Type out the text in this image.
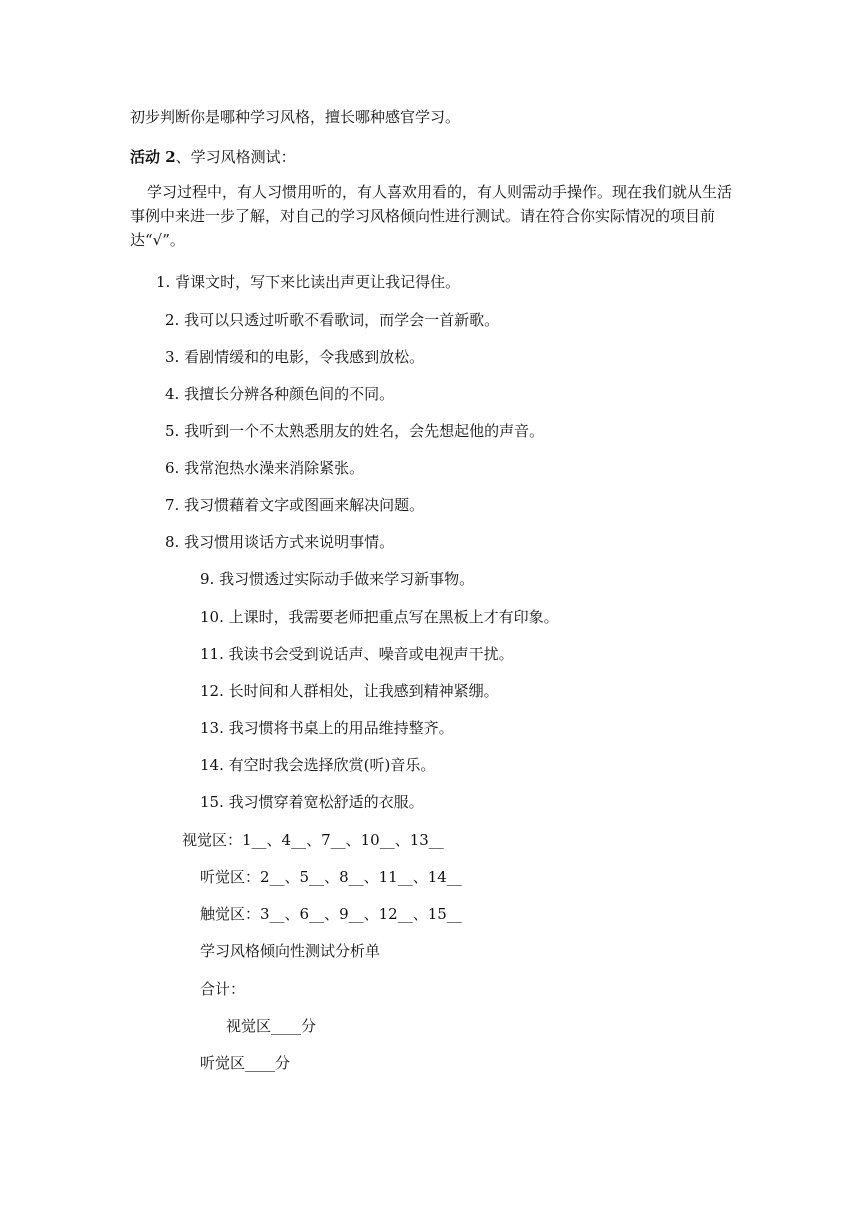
初步判断你是哪种学习风格，擅长哪种感官学习。
活动 2、学习风格测试：
学习过程中，有人习惯用听的，有人喜欢用看的，有人则需动手操作。现在我们就从生活事例中来进一步了解，对自己的学习风格倾向性进行测试。请在符合你实际情况的项目前达“√”。
1. 背课文时，写下来比读出声更让我记得住。
2. 我可以只透过听歌不看歌词，而学会一首新歌。
3. 看剧情缓和的电影，令我感到放松。
4. 我擅长分辨各种颜色间的不同。
5. 我听到一个不太熟悉朋友的姓名，会先想起他的声音。
6. 我常泡热水澡来消除紧张。
7. 我习惯藉着文字或图画来解决问题。
8. 我习惯用谈话方式来说明事情。
9. 我习惯透过实际动手做来学习新事物。
10. 上课时，我需要老师把重点写在黑板上才有印象。
11. 我读书会受到说话声、噪音或电视声干扰。
12. 长时间和人群相处，让我感到精神紧绷。
13. 我习惯将书桌上的用品维持整齐。
14. 有空时我会选择欣赏(听)音乐。
15. 我习惯穿着宽松舒适的衣服。
视觉区：1__、4__、7__、10__、13__
听觉区：2__、5__、8__、11__、14__
触觉区：3__、6__、9__、12__、15__
学习风格倾向性测试分析单
合计：
视觉区____分
听觉区____分
